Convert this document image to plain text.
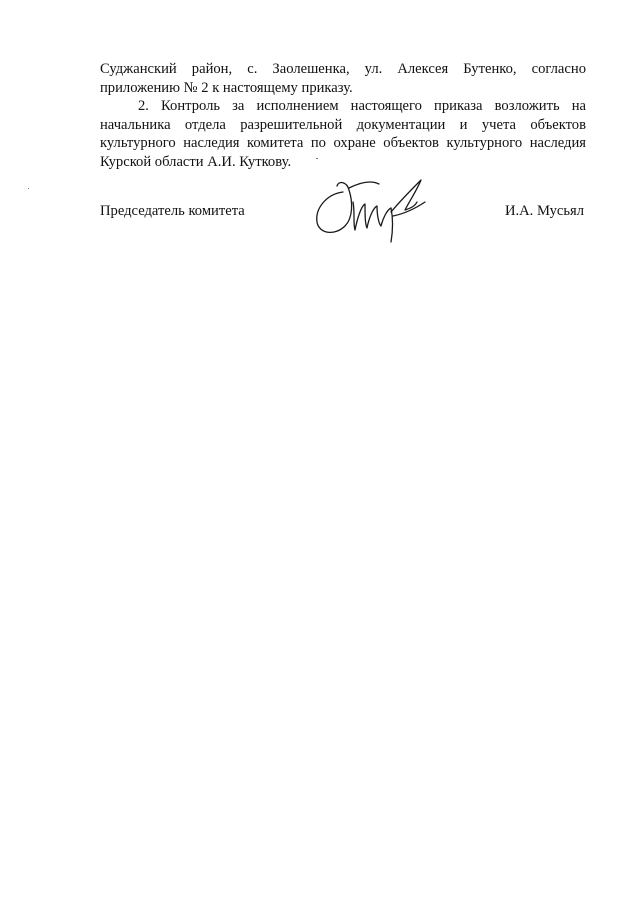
Суджанский район, с. Заолешенка, ул. Алексея Бутенко, согласно
приложению № 2 к настоящему приказу.

2. Контроль за исполнением настоящего приказа возложить на
начальника отдела разрешительной документации и учета объектов
культурного наследия комитета по охране объектов культурного наследия
Курской области А.И. Куткову.

Председатель комитета	И.А. Мусьял
